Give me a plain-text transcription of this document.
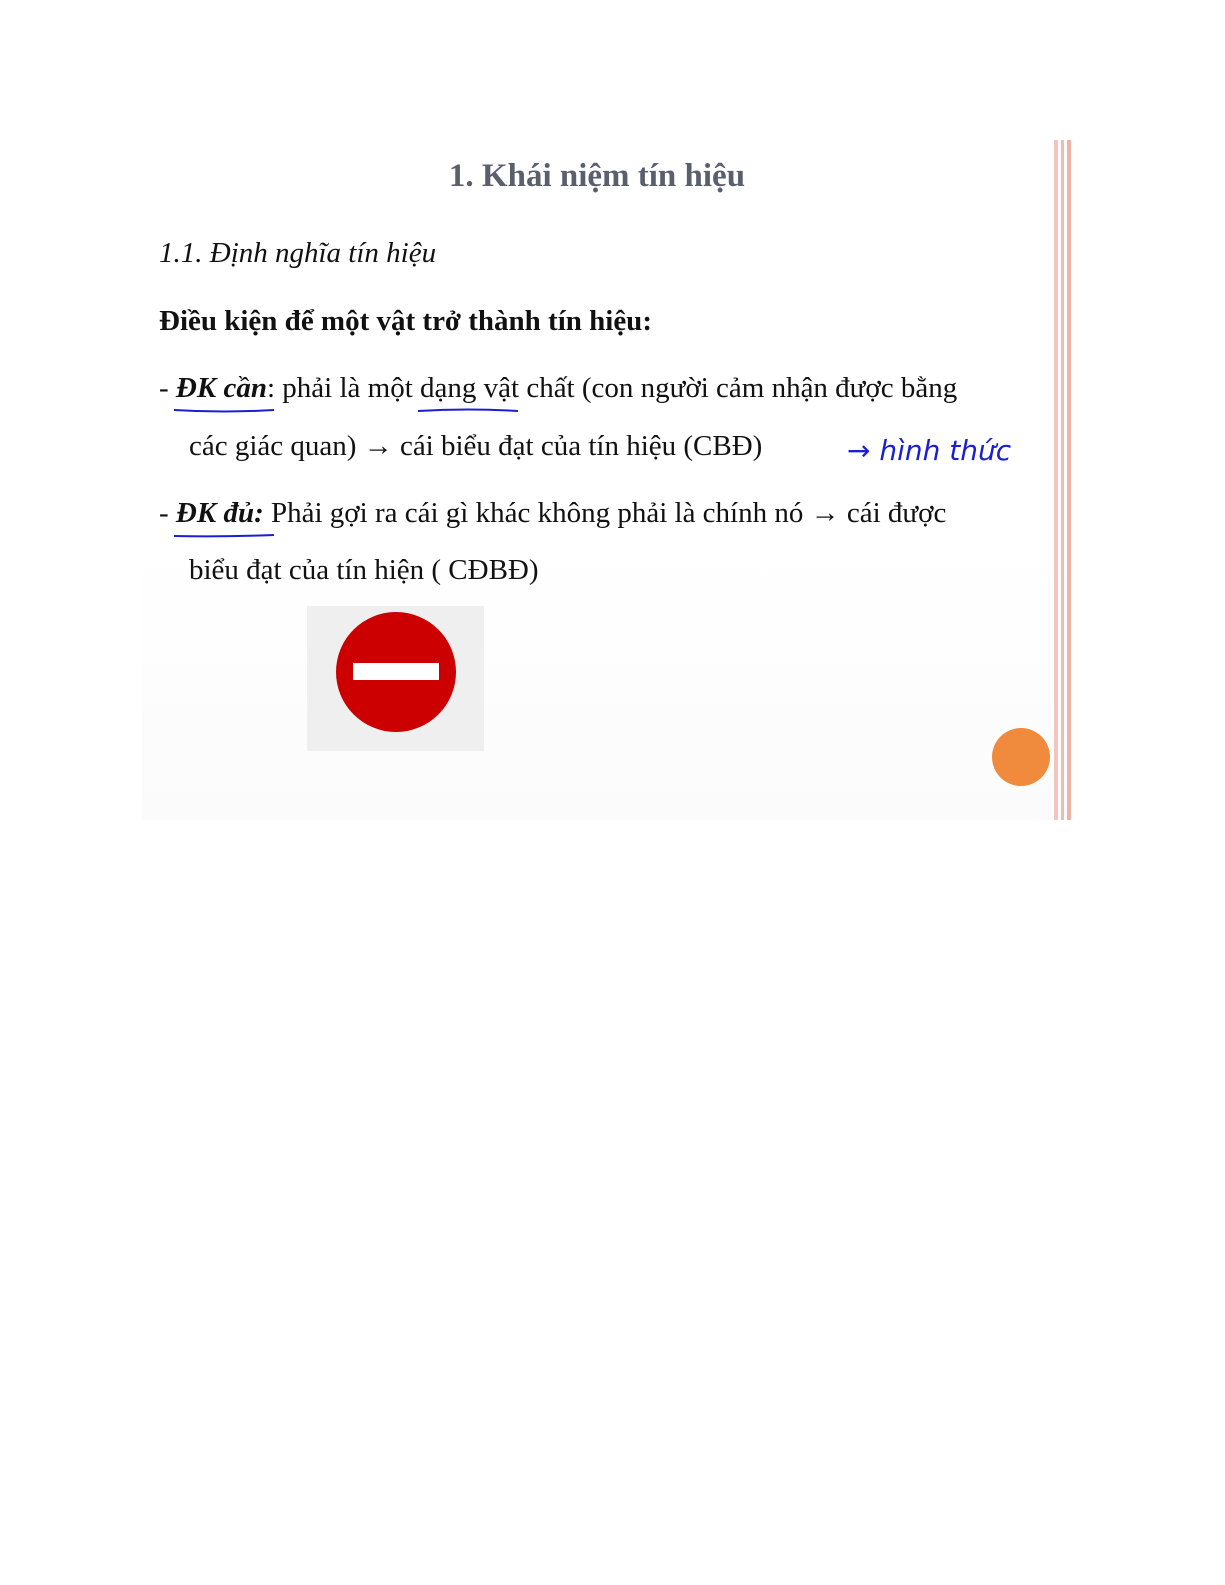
1. Khái niệm tín hiệu

1.1. Định nghĩa tín hiệu

Điều kiện để một vật trở thành tín hiệu:

- ĐK cần
: phải là một dạng vật chất
(con người cảm nhận được bằng

các giác quan) → cái biểu đạt của tín hiệu (CBĐ)	→ hình thức

- ĐK đủ:
Phải gợi ra cái gì khác không phải là chính nó → cái được

biểu đạt của tín hiện ( CĐBĐ)
